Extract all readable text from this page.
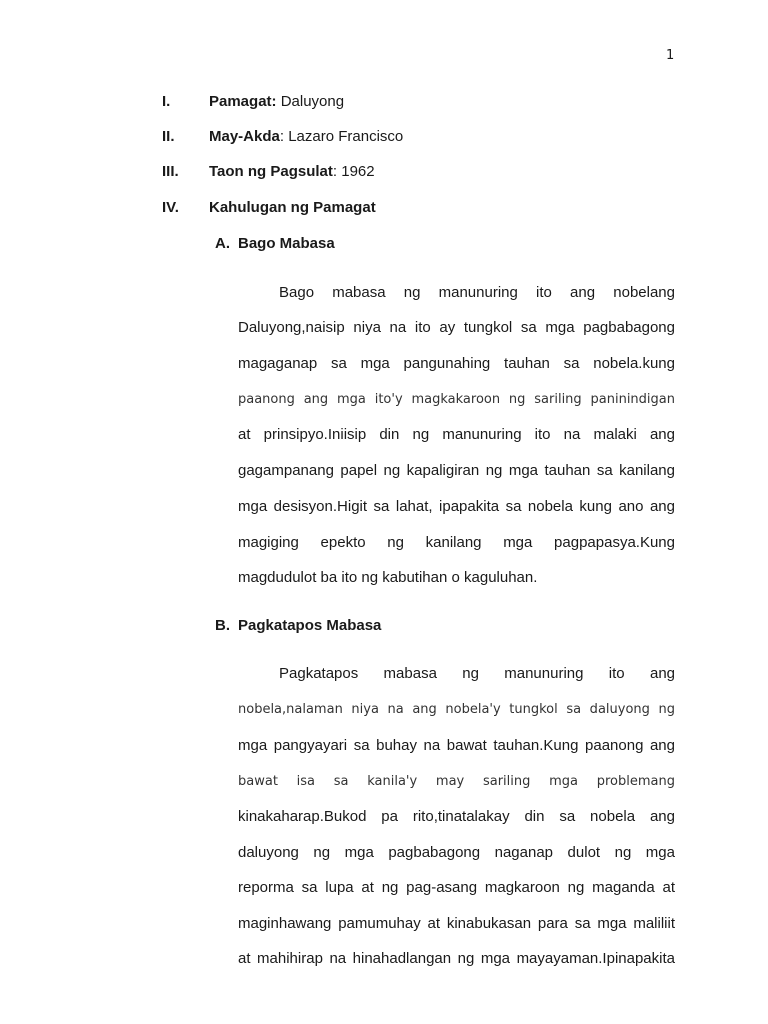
1
I.	Pamagat: Daluyong
II. May-Akda: Lazaro Francisco
III. Taon ng Pagsulat: 1962
IV. Kahulugan ng Pamagat
A. Bago Mabasa
Bago mabasa ng manunuring ito ang nobelang
Daluyong,naisip niya na ito ay tungkol sa mga pagbabagong
magaganap sa mga pangunahing tauhan sa nobela.kung
paanong ang mga ito'y magkakaroon ng sariling paninindigan
at prinsipyo.Iniisip din ng manunuring ito na malaki ang
gagampanang papel ng kapaligiran ng mga tauhan sa kanilang
mga desisyon.Higit sa lahat, ipapakita sa nobela kung ano ang
magiging epekto ng kanilang mga pagpapasya.Kung
magdudulot ba ito ng kabutihan o kaguluhan.
B. Pagkatapos Mabasa
Pagkatapos mabasa ng manunuring ito ang
nobela,nalaman niya na ang nobela'y tungkol sa daluyong ng
mga pangyayari sa buhay na bawat tauhan.Kung paanong ang
bawat isa sa kanila'y may sariling mga problemang
kinakaharap.Bukod pa rito,tinatalakay din sa nobela ang
daluyong ng mga pagbabagong naganap dulot ng mga
reporma sa lupa at ng pag-asang magkaroon ng maganda at
maginhawang pamumuhay at kinabukasan para sa mga maliliit
at mahihirap na hinahadlangan ng mga mayayaman.Ipinapakita
